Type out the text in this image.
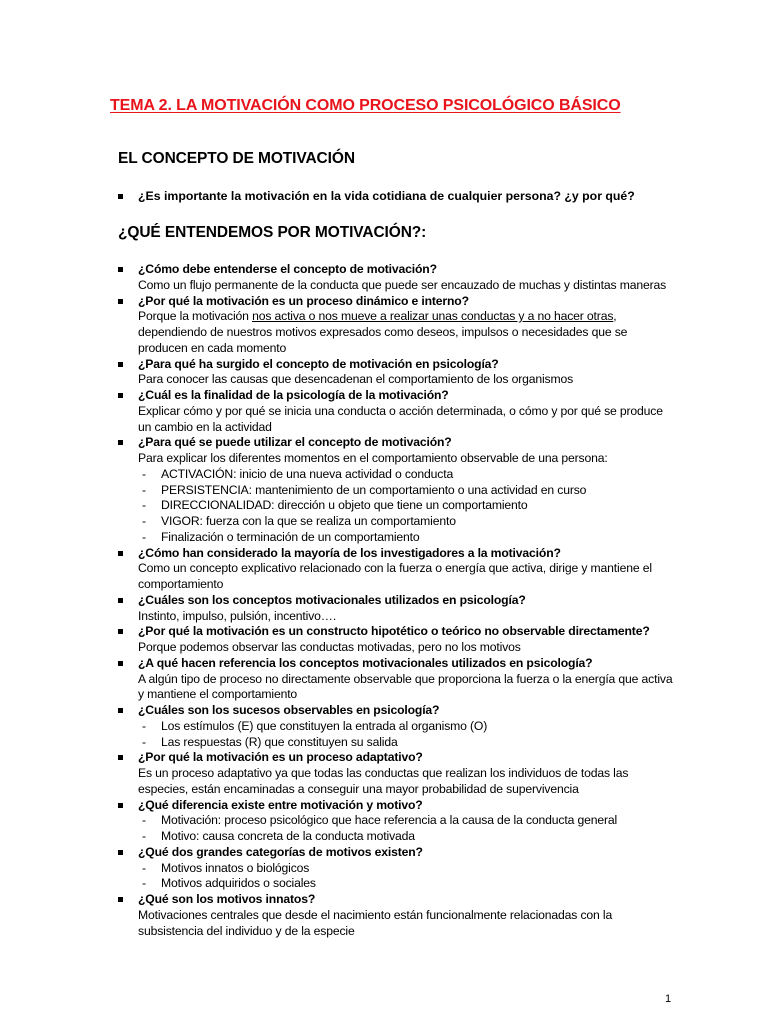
TEMA 2. LA MOTIVACIÓN COMO PROCESO PSICOLÓGICO BÁSICO
EL CONCEPTO DE MOTIVACIÓN
¿Es importante la motivación en la vida cotidiana de cualquier persona? ¿y por qué?
¿QUÉ ENTENDEMOS POR MOTIVACIÓN?:
¿Cómo debe entenderse el concepto de motivación?
Como un flujo permanente de la conducta que puede ser encauzado de muchas y distintas maneras
¿Por qué la motivación es un proceso dinámico e interno?
Porque la motivación nos activa o nos mueve a realizar unas conductas y a no hacer otras, dependiendo de nuestros motivos expresados como deseos, impulsos o necesidades que se producen en cada momento
¿Para qué ha surgido el concepto de motivación en psicología?
Para conocer las causas que desencadenan el comportamiento de los organismos
¿Cuál es la finalidad de la psicología de la motivación?
Explicar cómo y por qué se inicia una conducta o acción determinada, o cómo y por qué se produce un cambio en la actividad
¿Para qué se puede utilizar el concepto de motivación?
Para explicar los diferentes momentos en el comportamiento observable de una persona:
- ACTIVACIÓN: inicio de una nueva actividad o conducta
- PERSISTENCIA: mantenimiento de un comportamiento o una actividad en curso
- DIRECCIONALIDAD: dirección u objeto que tiene un comportamiento
- VIGOR: fuerza con la que se realiza un comportamiento
- Finalización o terminación de un comportamiento
¿Cómo han considerado la mayoría de los investigadores a la motivación?
Como un concepto explicativo relacionado con la fuerza o energía que activa, dirige y mantiene el comportamiento
¿Cuáles son los conceptos motivacionales utilizados en psicología?
Instinto, impulso, pulsión, incentivo….
¿Por qué la motivación es un constructo hipotético o teórico no observable directamente?
Porque podemos observar las conductas motivadas, pero no los motivos
¿A qué hacen referencia los conceptos motivacionales utilizados en psicología?
A algún tipo de proceso no directamente observable que proporciona la fuerza o la energía que activa y mantiene el comportamiento
¿Cuáles son los sucesos observables en psicología?
- Los estímulos (E) que constituyen la entrada al organismo (O)
- Las respuestas (R) que constituyen su salida
¿Por qué la motivación es un proceso adaptativo?
Es un proceso adaptativo ya que todas las conductas que realizan los individuos de todas las especies, están encaminadas a conseguir una mayor probabilidad de supervivencia
¿Qué diferencia existe entre motivación y motivo?
- Motivación: proceso psicológico que hace referencia a la causa de la conducta general
- Motivo: causa concreta de la conducta motivada
¿Qué dos grandes categorías de motivos existen?
- Motivos innatos o biológicos
- Motivos adquiridos o sociales
¿Qué son los motivos innatos?
Motivaciones centrales que desde el nacimiento están funcionalmente relacionadas con la subsistencia del individuo y de la especie
1
